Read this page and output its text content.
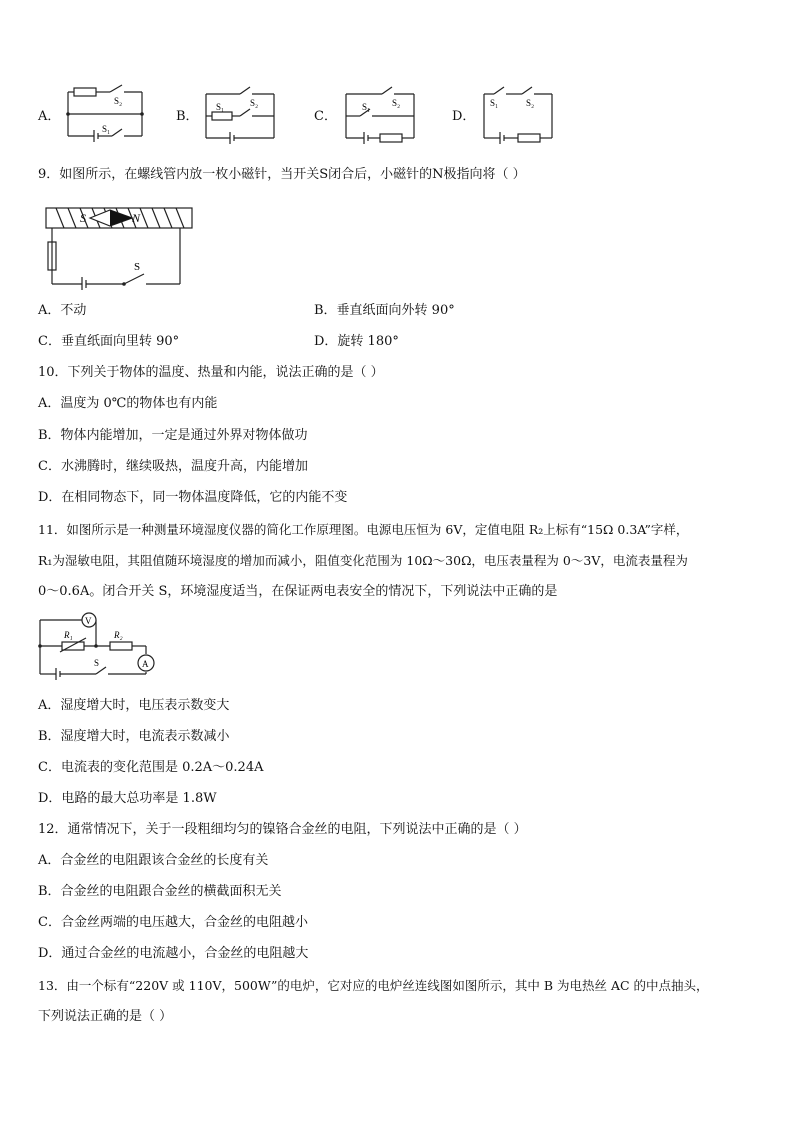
A．
S₂
S₁
B．
S₁	S₂
C．
S₁ S₂
D．
S₁	S₂
9．如图所示，在螺线管内放一枚小磁针，当开关S闭合后，小磁针的N极指向将（ ）
S	N
S
A．不动	B．垂直纸面向外转 90°
C．垂直纸面向里转 90°	D．旋转 180°
10．下列关于物体的温度、热量和内能，说法正确的是（ ）
A．温度为 0℃的物体也有内能
B．物体内能增加，一定是通过外界对物体做功
C．水沸腾时，继续吸热，温度升高，内能增加
D．在相同物态下，同一物体温度降低，它的内能不变
11．如图所示是一种测量环境湿度仪器的简化工作原理图。电源电压恒为 6V，定值电阻 R₂上标有“15Ω 0.3A”字样，
R₁为湿敏电阻，其阻值随环境湿度的增加而减小，阻值变化范围为 10Ω～30Ω，电压表量程为 0～3V，电流表量程为
0～0.6A。闭合开关 S，环境湿度适当，在保证两电表安全的情况下，下列说法中正确的是
V
A
R₁	R₂
S
A．湿度增大时，电压表示数变大
B．湿度增大时，电流表示数减小
C．电流表的变化范围是 0.2A～0.24A
D．电路的最大总功率是 1.8W
12．通常情况下，关于一段粗细均匀的镍铬合金丝的电阻，下列说法中正确的是（ ）
A．合金丝的电阻跟该合金丝的长度有关
B．合金丝的电阻跟合金丝的横截面积无关
C．合金丝两端的电压越大，合金丝的电阻越小
D．通过合金丝的电流越小，合金丝的电阻越大
13．由一个标有“220V 或 110V，500W”的电炉，它对应的电炉丝连线图如图所示，其中 B 为电热丝 AC 的中点抽头，
下列说法正确的是（ ）
